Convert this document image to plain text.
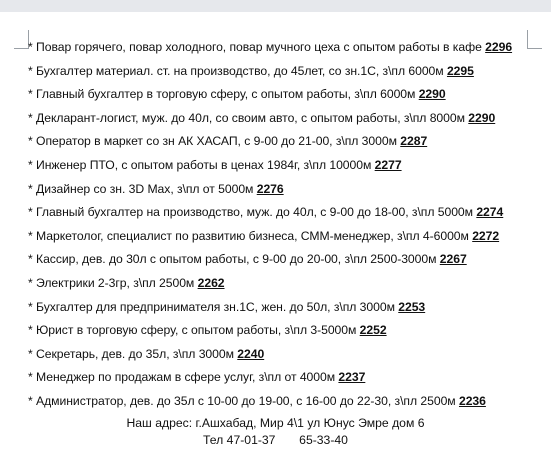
* Повар горячего, повар холодного, повар мучного цеха с опытом работы в кафе 2296
* Бухгалтер материал. ст. на производство, до 45лет, со зн.1С, з\пл 6000м 2295
* Главный бухгалтер в торговую сферу, с опытом работы, з\пл 6000м 2290
* Декларант-логист, муж. до 40л, со своим авто, с опытом работы, з\пл 8000м 2290
* Оператор в маркет со зн АК ХАСАП, с 9-00 до 21-00, з\пл 3000м 2287
* Инженер ПТО, с опытом работы в ценах 1984г, з\пл 10000м 2277
* Дизайнер со зн. 3D Max, з\пл от 5000м 2276
* Главный бухгалтер на производство, муж. до 40л, с 9-00 до 18-00, з\пл 5000м 2274
* Маркетолог, специалист по развитию бизнеса, СММ-менеджер, з\пл 4-6000м 2272
* Кассир, дев. до 30л с опытом работы, с 9-00 до 20-00, з\пл 2500-3000м 2267
* Электрики 2-3гр, з\пл 2500м 2262
* Бухгалтер для предпринимателя зн.1С, жен. до 50л, з\пл 3000м 2253
* Юрист в торговую сферу, с опытом работы, з\пл 3-5000м 2252
* Секретарь, дев. до 35л, з\пл 3000м 2240
* Менеджер по продажам в сфере услуг, з\пл от 4000м 2237
* Администратор, дев. до 35л с 10-00 до 19-00, с 16-00 до 22-30, з\пл 2500м 2236
Наш адрес: г.Ашхабад, Мир 4\1 ул Юнус Эмре дом 6
Тел 47-01-37       65-33-40
